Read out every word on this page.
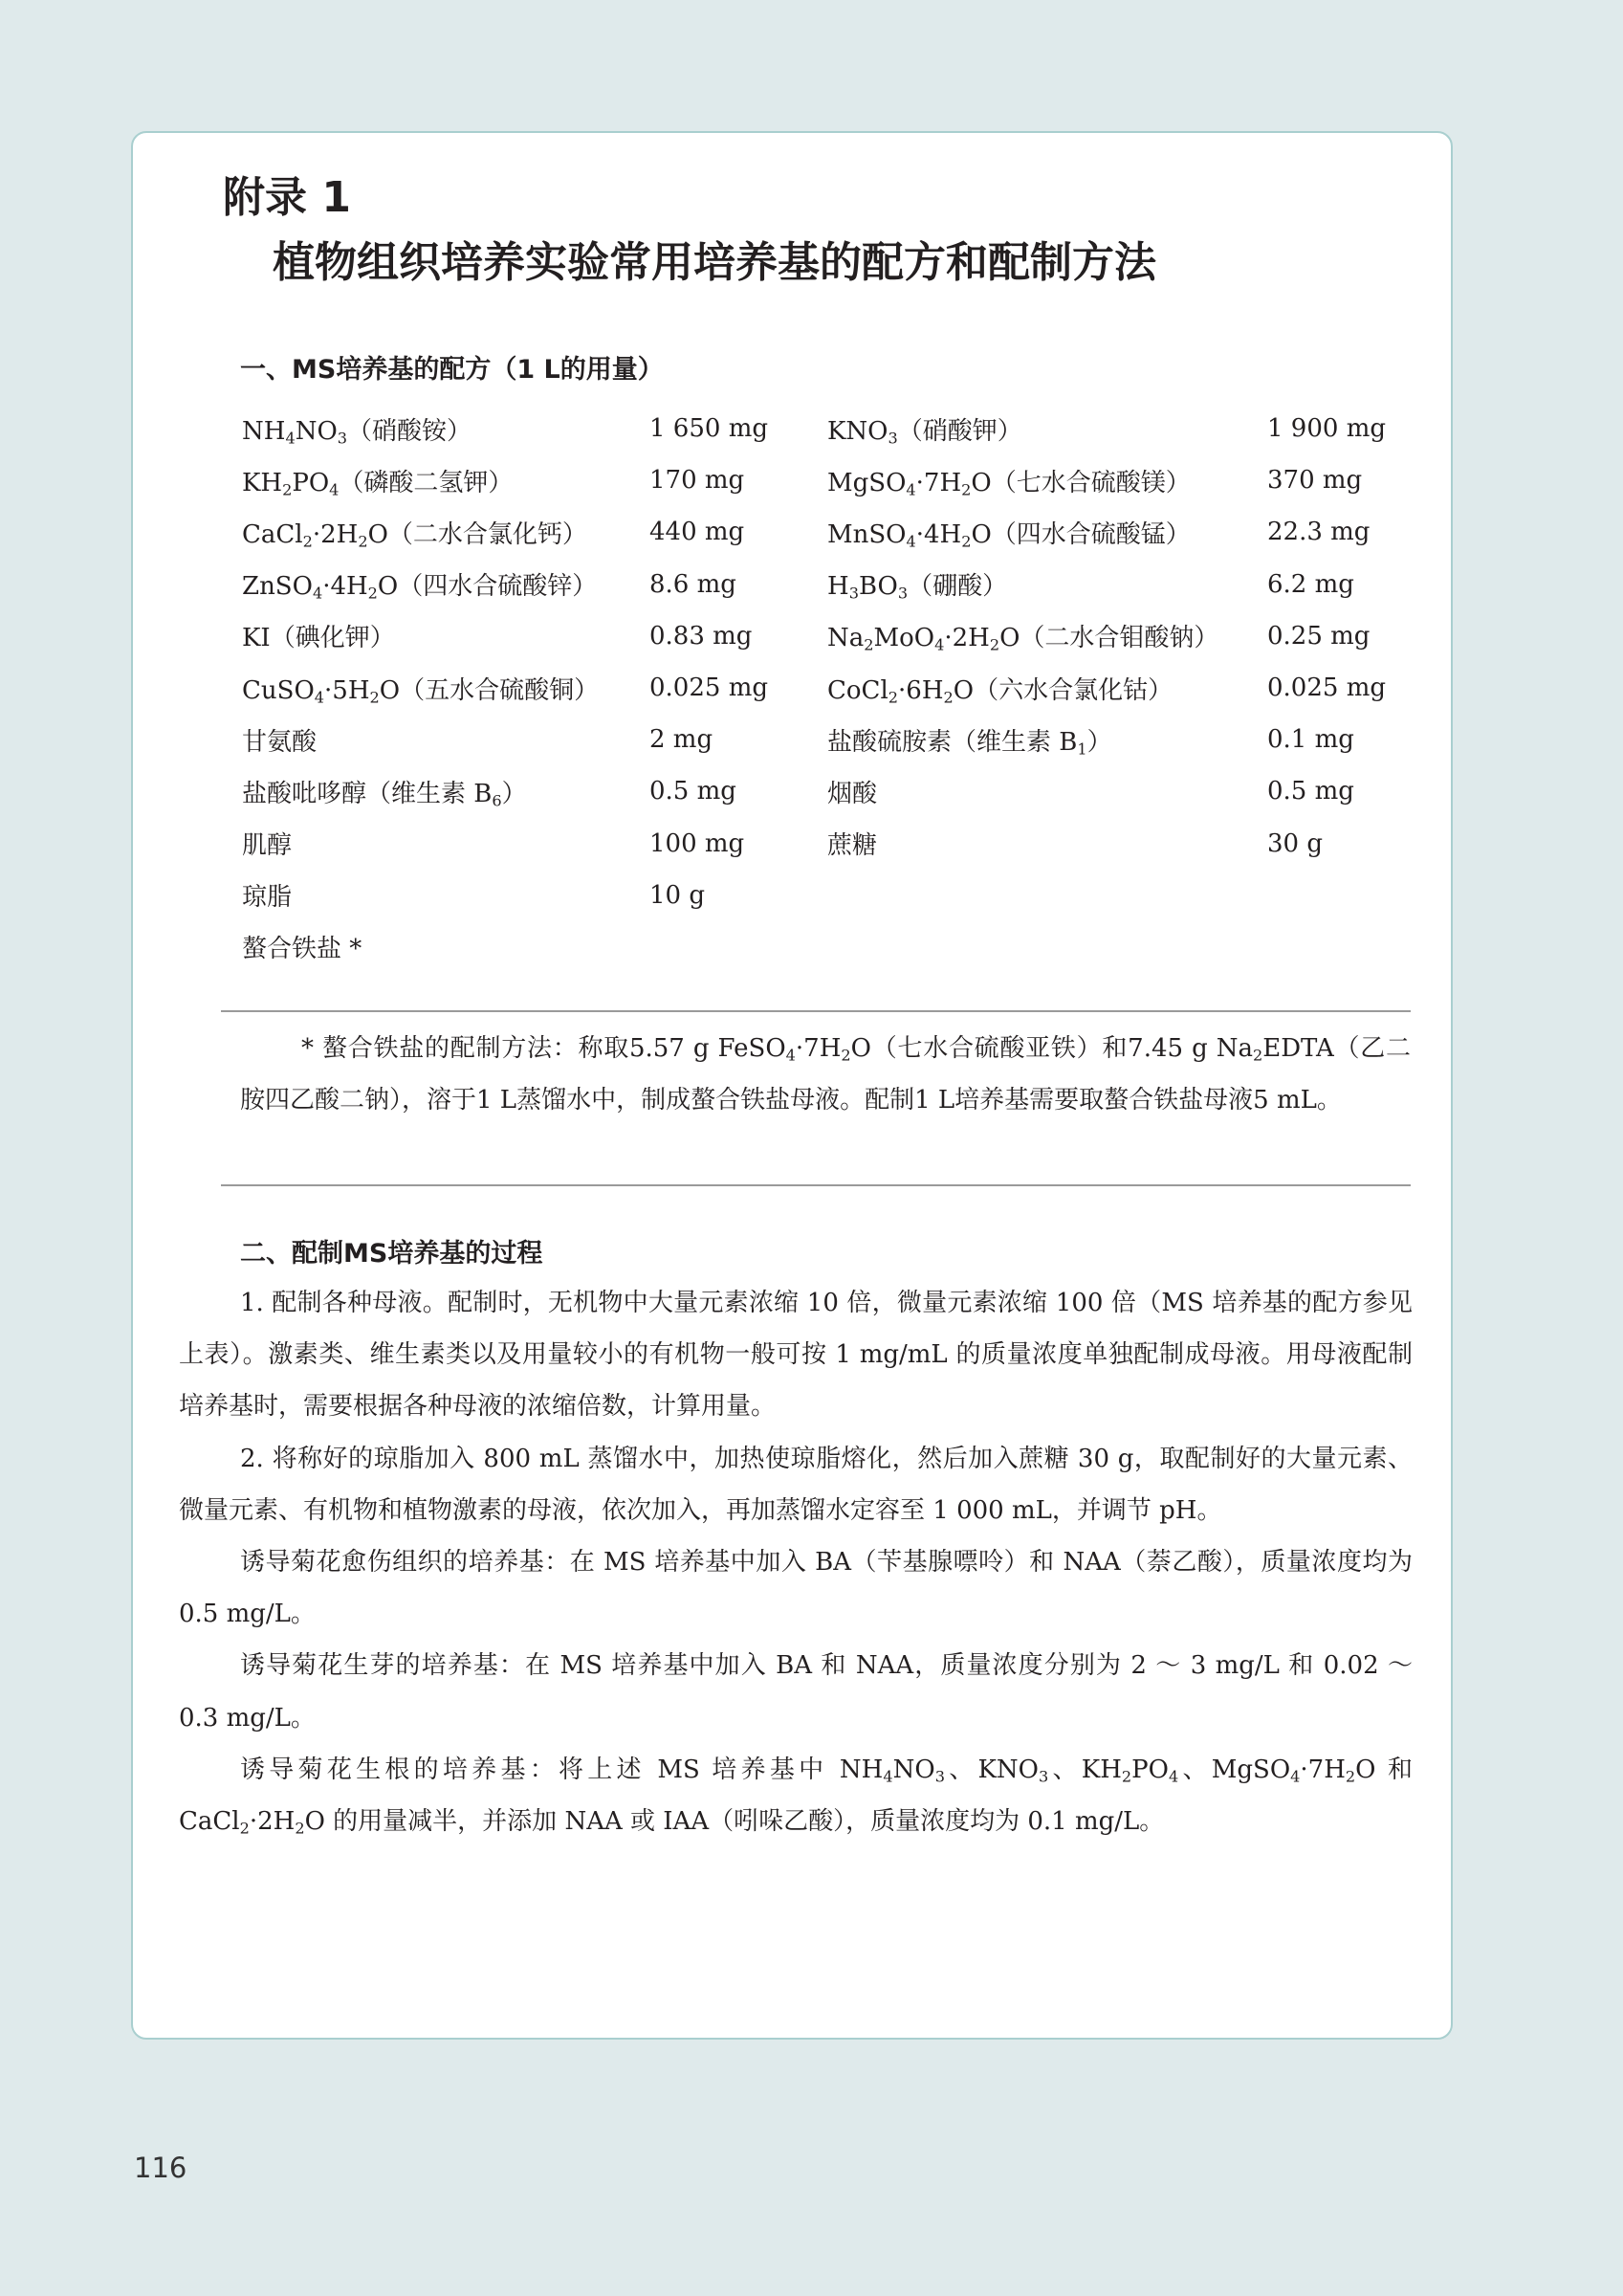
附录 1
植物组织培养实验常用培养基的配方和配制方法
一、MS培养基的配方（1 L的用量）
$NH_4NO_3$（硝酸铵）	1 650 mg	$KNO_3$（硝酸钾）	1 900 mg
$KH_2PO_4$（磷酸二氢钾）	170 mg	$MgSO_4\cdot 7H_2O$（七水合硫酸镁）	370 mg
$CaCl_2\cdot 2H_2O$（二水合氯化钙）	440 mg	$MnSO_4\cdot 4H_2O$（四水合硫酸锰）	22.3 mg
$ZnSO_4\cdot 4H_2O$（四水合硫酸锌）	8.6 mg	$H_3BO_3$（硼酸）	6.2 mg
KI（碘化钾）	0.83 mg	$Na_2MoO_4\cdot 2H_2O$（二水合钼酸钠）	0.25 mg
$CuSO_4\cdot 5H_2O$（五水合硫酸铜）	0.025 mg	$CoCl_2\cdot 6H_2O$（六水合氯化钴）	0.025 mg
甘氨酸	2 mg	盐酸硫胺素（维生素 $B_1$）	0.1 mg
盐酸吡哆醇（维生素 $B_6$）	0.5 mg	烟酸	0.5 mg
肌醇	100 mg	蔗糖	30 g
琼脂	10 g		
螯合铁盐 *			

* 螯合铁盐的配制方法：称取5.57 g $FeSO_4\cdot 7H_2O$（七水合硫酸亚铁）和7.45 g $Na_2EDTA$（乙二胺四乙酸二钠），溶于1 L蒸馏水中，制成螯合铁盐母液。配制1 L培养基需要取螯合铁盐母液5 mL。

二、配制MS培养基的过程

1. 配制各种母液。配制时，无机物中大量元素浓缩 10 倍，微量元素浓缩 100 倍（MS 培养基的配方参见上表）。激素类、维生素类以及用量较小的有机物一般可按 1 mg/mL 的质量浓度单独配制成母液。用母液配制培养基时，需要根据各种母液的浓缩倍数，计算用量。

2. 将称好的琼脂加入 800 mL 蒸馏水中，加热使琼脂熔化，然后加入蔗糖 30 g，取配制好的大量元素、微量元素、有机物和植物激素的母液，依次加入，再加蒸馏水定容至 1 000 mL，并调节 pH。

诱导菊花愈伤组织的培养基：在 MS 培养基中加入 BA（苄基腺嘌呤）和 NAA（萘乙酸），质量浓度均为 0.5 mg/L。

诱导菊花生芽的培养基：在 MS 培养基中加入 BA 和 NAA，质量浓度分别为 2 ～ 3 mg/L 和 0.02 ～ 0.3 mg/L。

诱导菊花生根的培养基：将上述 MS 培养基中 $NH_4NO_3$、$KNO_3$、$KH_2PO_4$、$MgSO_4\cdot 7H_2O$ 和 $CaCl_2\cdot 2H_2O$ 的用量减半，并添加 NAA 或 IAA（吲哚乙酸），质量浓度均为 0.1 mg/L。

116
